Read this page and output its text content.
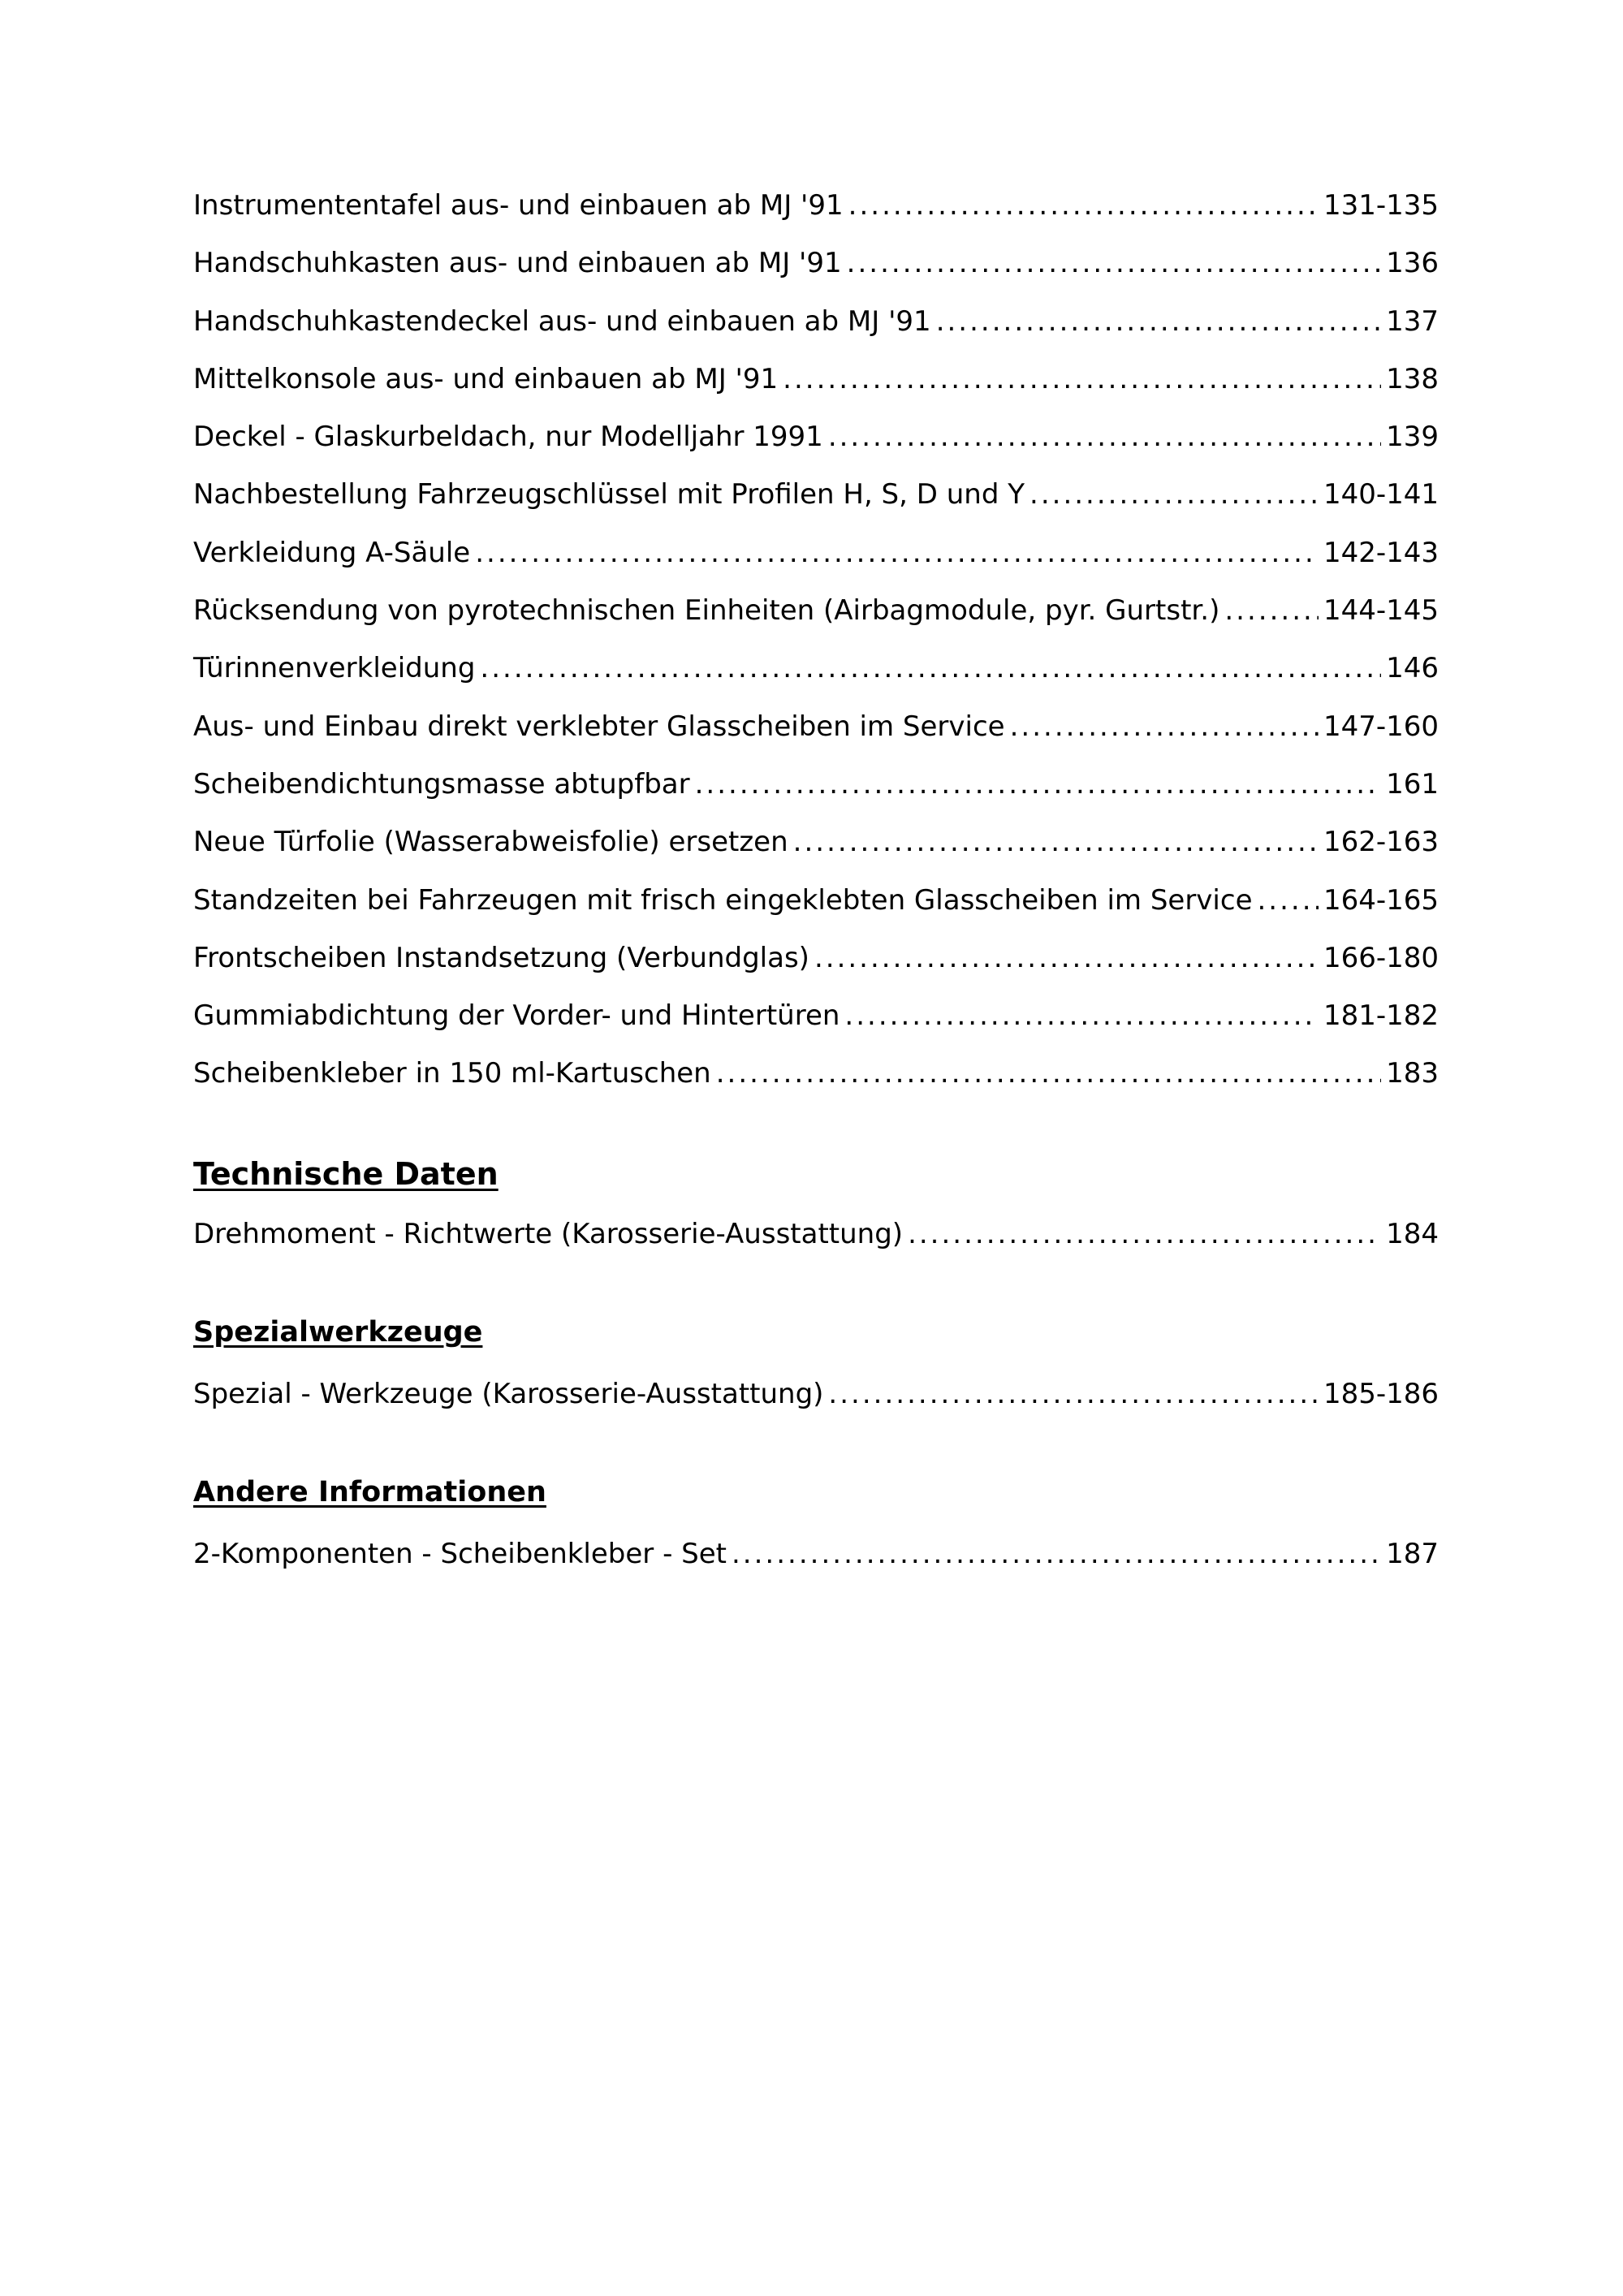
Instrumententafel aus- und einbauen ab MJ '91 .....	131-135
Handschuhkasten aus- und einbauen ab MJ '91 .....	136
Handschuhkastendeckel aus- und einbauen ab MJ '91 .....	137
Mittelkonsole aus- und einbauen ab MJ '91 .....	138
Deckel - Glaskurbeldach, nur Modelljahr 1991 .....	139
Nachbestellung Fahrzeugschlüssel mit Profilen H, S, D und Y .....	140-141
Verkleidung A-Säule .....	142-143
Rücksendung von pyrotechnischen Einheiten (Airbagmodule, pyr. Gurtstr.) .....	144-145
Türinnenverkleidung .....	146
Aus- und Einbau direkt verklebter Glasscheiben im Service .....	147-160
Scheibendichtungsmasse abtupfbar .....	161
Neue Türfolie (Wasserabweisfolie) ersetzen .....	162-163
Standzeiten bei Fahrzeugen mit frisch eingeklebten Glasscheiben im Service .....	164-165
Frontscheiben Instandsetzung (Verbundglas) .....	166-180
Gummiabdichtung der Vorder- und Hintertüren .....	181-182
Scheibenkleber in 150 ml-Kartuschen .....	183
Technische Daten
Drehmoment - Richtwerte (Karosserie-Ausstattung) .....	184
Spezialwerkzeuge
Spezial - Werkzeuge (Karosserie-Ausstattung) .....	185-186
Andere Informationen
2-Komponenten - Scheibenkleber - Set .....	187
